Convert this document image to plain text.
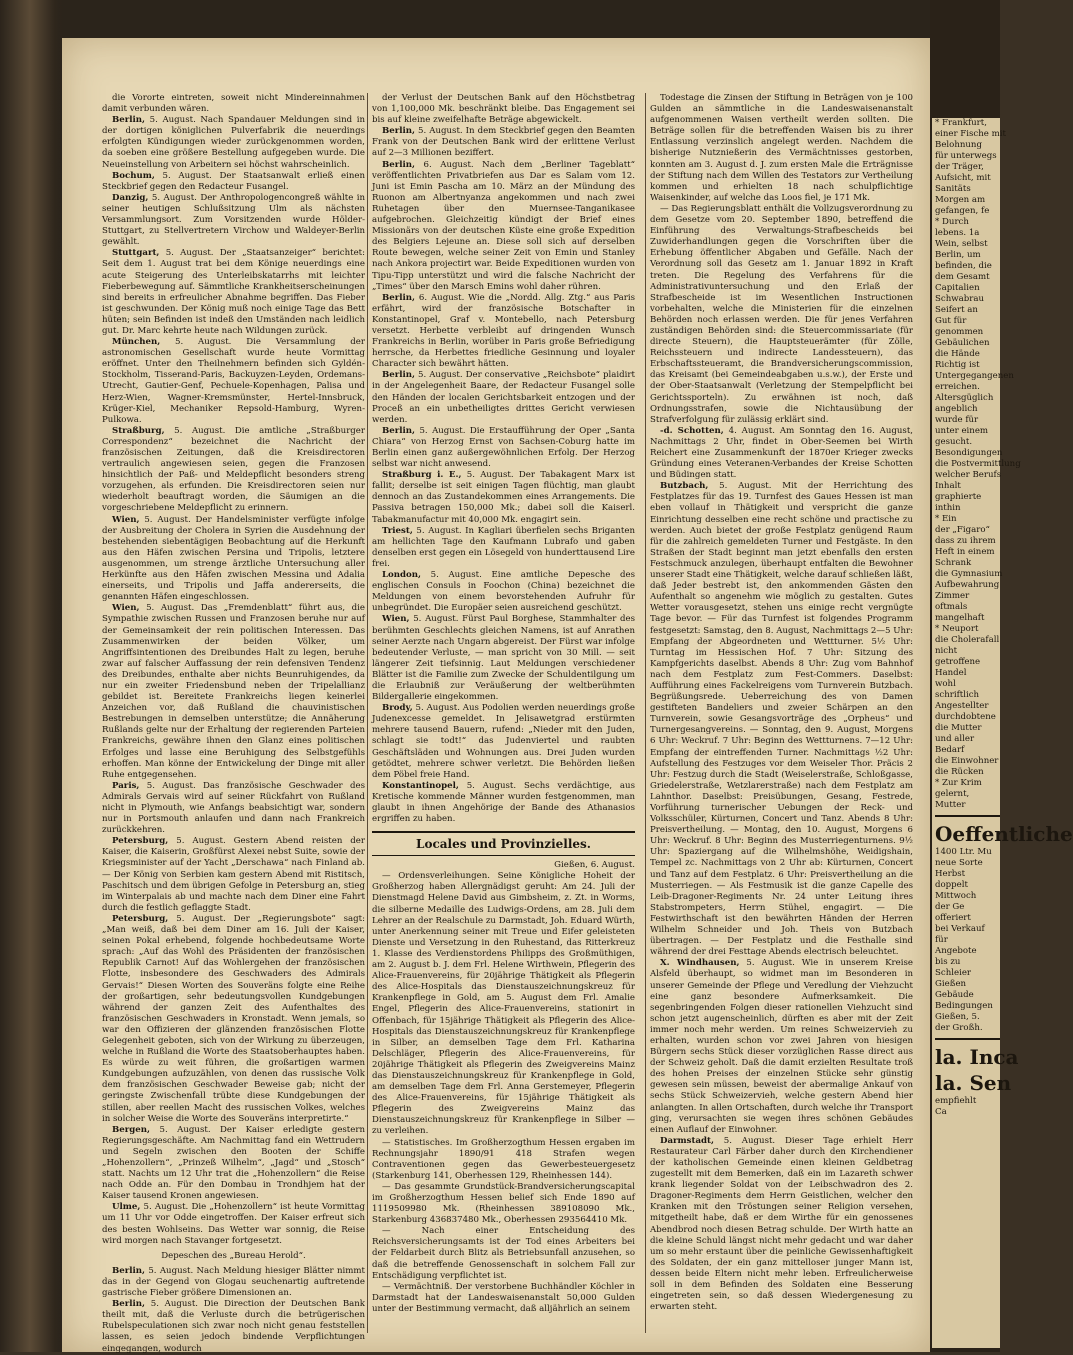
die Vororte eintreten, soweit nicht Mindereinnahmen damit verbunden wären.

Berlin, 5. August. Nach Spandauer Meldungen sind in der dortigen königlichen Pulverfabrik die neuerdings erfolgten Kündigungen wieder zurückgenommen worden, da soeben eine größere Bestellung aufgegeben wurde. Die Neueinstellung von Arbeitern sei höchst wahrscheinlich.

Bochum, 5. August. Der Staatsanwalt erließ einen Steckbrief gegen den Redacteur Fusangel.

Danzig, 5. August. Der Anthropologencongreß wählte in seiner heutigen Schlußsitzung Ulm als nächsten Versammlungsort. Zum Vorsitzenden wurde Hölder-Stuttgart, zu Stellvertretern Virchow und Waldeyer-Berlin gewählt.

Stuttgart, 5. August. Der „Staatsanzeiger“ berichtet: Seit dem 1. August trat bei dem Könige neuerdings eine acute Steigerung des Unterleibskatarrhs mit leichter Fieberbewegung auf. Sämmtliche Krankheitserscheinungen sind bereits in erfreulicher Abnahme begriffen. Das Fieber ist geschwunden. Der König muß noch einige Tage das Bett hüten; sein Befinden ist indeß den Umständen nach leidlich gut. Dr. Marc kehrte heute nach Wildungen zurück.

München, 5. August. Die Versammlung der astronomischen Gesellschaft wurde heute Vormittag eröffnet. Unter den Theilnehmern befinden sich Gyldén-Stockholm, Tisserand-Paris, Backuyzen-Leyden, Ordemans-Utrecht, Gautier-Genf, Pechuele-Kopenhagen, Palisa und Herz-Wien, Wagner-Kremsmünster, Hertel-Innsbruck, Krüger-Kiel, Mechaniker Repsold-Hamburg, Wyren-Pulkowa.

Straßburg, 5. August. Die amtliche „Straßburger Correspondenz“ bezeichnet die Nachricht der französischen Zeitungen, daß die Kreisdirectoren vertraulich angewiesen seien, gegen die Franzosen hinsichtlich der Paß- und Meldepflicht besonders streng vorzugehen, als erfunden. Die Kreisdirectoren seien nur wiederholt beauftragt worden, die Säumigen an die vorgeschriebene Meldepflicht zu erinnern.

Wien, 5. August. Der Handelsminister verfügte infolge der Ausbreitung der Cholera in Syrien die Ausdehnung der bestehenden siebentägigen Beobachtung auf die Herkunft aus den Häfen zwischen Persina und Tripolis, letztere ausgenommen, um strenge ärztliche Untersuchung aller Herkünfte aus den Häfen zwischen Messina und Adalia einerseits, und Tripolis und Jaffa andererseits, die genannten Häfen eingeschlossen.

Wien, 5. August. Das „Fremdenblatt“ führt aus, die Sympathie zwischen Russen und Franzosen beruhe nur auf der Gemeinsamkeit der rein politischen Interessen. Das Zusammenwirken der beiden Völker, um Angriffsintentionen des Dreibundes Halt zu legen, beruhe zwar auf falscher Auffassung der rein defensiven Tendenz des Dreibundes, enthalte aber nichts Beunruhigendes, da nur ein zweiter Friedensbund neben der Tripelallianz gebildet ist. Bereitete Frankreichs liegen keinerlei Anzeichen vor, daß Rußland die chauvinistischen Bestrebungen in demselben unterstütze; die Annäherung Rußlands gelte nur der Erhaltung der regierenden Parteien Frankreichs, gewähre ihnen den Glanz eines politischen Erfolges und lasse eine Beruhigung des Selbstgefühls erhoffen. Man könne der Entwickelung der Dinge mit aller Ruhe entgegensehen.

Paris, 5. August. Das französische Geschwader des Admirals Gervais wird auf seiner Rückfahrt von Rußland nicht in Plymouth, wie Anfangs beabsichtigt war, sondern nur in Portsmouth anlaufen und dann nach Frankreich zurückkehren.

Petersburg, 5. August. Gestern Abend reisten der Kaiser, die Kaiserin, Großfürst Alexei nebst Suite, sowie der Kriegsminister auf der Yacht „Derschawa“ nach Finland ab. — Der König von Serbien kam gestern Abend mit Ristitsch, Paschitsch und dem übrigen Gefolge in Petersburg an, stieg im Winterpalais ab und machte nach dem Diner eine Fahrt durch die festlich geflaggte Stadt.

Petersburg, 5. August. Der „Regierungsbote“ sagt: „Man weiß, daß bei dem Diner am 16. Juli der Kaiser, seinen Pokal erhebend, folgende hochbedeutsame Worte sprach: „Auf das Wohl des Präsidenten der französischen Republik Carnot! Auf das Wohlergehen der französischen Flotte, insbesondere des Geschwaders des Admirals Gervais!“ Diesen Worten des Souveräns folgte eine Reihe der großartigen, sehr bedeutungsvollen Kundgebungen während der ganzen Zeit des Aufenthaltes des französischen Geschwaders in Kronstadt. Wenn jemals, so war den Offizieren der glänzenden französischen Flotte Gelegenheit geboten, sich von der Wirkung zu überzeugen, welche in Rußland die Worte des Staatsoberhauptes haben. Es würde zu weit führen, die großartigen warmen Kundgebungen aufzuzählen, von denen das russische Volk dem französischen Geschwader Beweise gab; nicht der geringste Zwischenfall trübte diese Kundgebungen der stillen, aber reellen Macht des russischen Volkes, welches in solcher Weise die Worte des Souveräns interpretirte.“

Bergen, 5. August. Der Kaiser erledigte gestern Regierungsgeschäfte. Am Nachmittag fand ein Wettrudern und Segeln zwischen den Booten der Schiffe „Hohenzollern“, „Prinzeß Wilhelm“, „Jagd“ und „Stosch“ statt. Nachts um 12 Uhr trat die „Hohenzollern“ die Reise nach Odde an. Für den Dombau in Trondhjem hat der Kaiser tausend Kronen angewiesen.

Ulme, 5. August. Die „Hohenzollern“ ist heute Vormittag um 11 Uhr vor Odde eingetroffen. Der Kaiser erfreut sich des besten Wohlseins. Das Wetter war sonnig, die Reise wird morgen nach Stavanger fortgesetzt.

Depeschen des „Bureau Herold“.

Berlin, 5. August. Nach Meldung hiesiger Blätter nimmt das in der Gegend von Glogau seuchenartig auftretende gastrische Fieber größere Dimensionen an.

Berlin, 5. August. Die Direction der Deutschen Bank theilt mit, daß die Verluste durch die betrügerischen Rubelspeculationen sich zwar noch nicht genau feststellen lassen, es seien jedoch bindende Verpflichtungen eingegangen, wodurch

der Verlust der Deutschen Bank auf den Höchstbetrag von 1,100,000 Mk. beschränkt bleibe. Das Engagement sei bis auf kleine zweifelhafte Beträge abgewickelt.

Berlin, 5. August. In dem Steckbrief gegen den Beamten Frank von der Deutschen Bank wird der erlittene Verlust auf 2—3 Millionen beziffert.

Berlin, 6. August. Nach dem „Berliner Tageblatt“ veröffentlichten Privatbriefen aus Dar es Salam vom 12. Juni ist Emin Pascha am 10. März an der Mündung des Ruonon am Albertnyanza angekommen und nach zwei Ruhetagen über den Muernsee-Tanganikasee aufgebrochen. Gleichzeitig kündigt der Brief eines Missionärs von der deutschen Küste eine große Expedition des Belgiers Lejeune an. Diese soll sich auf derselben Route bewegen, welche seiner Zeit von Emin und Stanley nach Ankora projectirt war. Beide Expeditionen wurden von Tipu-Tipp unterstützt und wird die falsche Nachricht der „Times“ über den Marsch Emins wohl daher rühren.

Berlin, 6. August. Wie die „Nordd. Allg. Ztg.“ aus Paris erfährt, wird der französische Botschafter in Konstantinopel, Graf v. Montebello, nach Petersburg versetzt. Herbette verbleibt auf dringenden Wunsch Frankreichs in Berlin, worüber in Paris große Befriedigung herrsche, da Herbettes friedliche Gesinnung und loyaler Character sich bewährt hätten.

Berlin, 5. August. Der conservative „Reichsbote“ plaidirt in der Angelegenheit Baare, der Redacteur Fusangel solle den Händen der localen Gerichtsbarkeit entzogen und der Proceß an ein unbetheiligtes drittes Gericht verwiesen werden.

Berlin, 5. August. Die Erstaufführung der Oper „Santa Chiara“ von Herzog Ernst von Sachsen-Coburg hatte im Berlin einen ganz außergewöhnlichen Erfolg. Der Herzog selbst war nicht anwesend.

Straßburg i. E., 5. August. Der Tabakagent Marx ist fallit; derselbe ist seit einigen Tagen flüchtig, man glaubt dennoch an das Zustandekommen eines Arrangements. Die Passiva betragen 150,000 Mk.; dabei soll die Kaiserl. Tabakmanufactur mit 40,000 Mk. engagirt sein.

Triest, 5. August. In Kagliari überfielen sechs Briganten am hellichten Tage den Kaufmann Lubrafo und gaben denselben erst gegen ein Lösegeld von hunderttausend Lire frei.

London, 5. August. Eine amtliche Depesche des englischen Consuls in Foochon (China) bezeichnet die Meldungen von einem bevorstehenden Aufruhr für unbegründet. Die Europäer seien ausreichend geschützt.

Wien, 5. August. Fürst Paul Borghese, Stammhalter des berühmten Geschlechts gleichen Namens, ist auf Anrathen seiner Aerzte nach Ungarn abgereist. Der Fürst war infolge bedeutender Verluste, — man spricht von 30 Mill. — seit längerer Zeit tiefsinnig. Laut Meldungen verschiedener Blätter ist die Familie zum Zwecke der Schuldentilgung um die Erlaubniß zur Veräußerung der weltberühmten Bildergallerie eingekommen.

Brody, 5. August. Aus Podolien werden neuerdings große Judenexcesse gemeldet. In Jelisawetgrad erstürmten mehrere tausend Bauern, rufend: „Nieder mit den Juden, schlagt sie todt!“ das Judenviertel und raubten Geschäftsläden und Wohnungen aus. Drei Juden wurden getödtet, mehrere schwer verletzt. Die Behörden ließen dem Pöbel freie Hand.

Konstantinopel, 5. August. Sechs verdächtige, aus Kretische kommende Männer wurden festgenommen, man glaubt in ihnen Angehörige der Bande des Athanasios ergriffen zu haben.

Locales und Provinzielles.
Gießen, 6. August.

— Ordensverleihungen. Seine Königliche Hoheit der Großherzog haben Allergnädigst geruht: Am 24. Juli der Dienstmagd Helene David aus Gimbsheim, z. Zt. in Worms, die silberne Medaille des Ludwigs-Ordens, am 28. Juli dem Lehrer an der Realschule zu Darmstadt, Joh. Eduard Würth, unter Anerkennung seiner mit Treue und Eifer geleisteten Dienste und Versetzung in den Ruhestand, das Ritterkreuz 1. Klasse des Verdienstordens Philipps des Großmüthigen, am 2. August b. J. dem Frl. Helene Wirthwein, Pflegerin des Alice-Frauenvereins, für 20jährige Thätigkeit als Pflegerin des Alice-Hospitals das Dienstauszeichnungskreuz für Krankenpflege in Gold, am 5. August dem Frl. Amalie Engel, Pflegerin des Alice-Frauenvereins, stationirt in Offenbach, für 15jährige Thätigkeit als Pflegerin des Alice-Hospitals das Dienstauszeichnungskreuz für Krankenpflege in Silber, an demselben Tage dem Frl. Katharina Delschläger, Pflegerin des Alice-Frauenvereins, für 20jährige Thätigkeit als Pflegerin des Zweigvereins Mainz das Dienstauszeichnungskreuz für Krankenpflege in Gold, am demselben Tage dem Frl. Anna Gerstemeyer, Pflegerin des Alice-Frauenvereins, für 15jährige Thätigkeit als Pflegerin des Zweigvereins Mainz das Dienstauszeichnungskreuz für Krankenpflege in Silber — zu verleihen.

— Statistisches. Im Großherzogthum Hessen ergaben im Rechnungsjahr 1890/91 418 Strafen wegen Contraventionen gegen das Gewerbesteuergesetz (Starkenburg 141, Oberhessen 129, Rheinhessen 144).

— Das gesammte Grundstück-Brandversicherungscapital im Großherzogthum Hessen belief sich Ende 1890 auf 1119509980 Mk. (Rheinhessen 389108090 Mk., Starkenburg 436837480 Mk., Oberhessen 293564410 Mk.

— Nach einer Entscheidung des Reichsversicherungsamts ist der Tod eines Arbeiters bei der Feldarbeit durch Blitz als Betriebsunfall anzusehen, so daß die betreffende Genossenschaft in solchem Fall zur Entschädigung verpflichtet ist.

— Vermächtniß. Der verstorbene Buchhändler Köchler in Darmstadt hat der Landeswaisenanstalt 50,000 Gulden unter der Bestimmung vermacht, daß alljährlich an seinem

Todestage die Zinsen der Stiftung in Beträgen von je 100 Gulden an sämmtliche in die Landeswaisenanstalt aufgenommenen Waisen vertheilt werden sollten. Die Beträge sollen für die betreffenden Waisen bis zu ihrer Entlassung verzinslich angelegt werden. Nachdem die bisherige Nutznießerin des Vermächtnisses gestorben, konnten am 3. August d. J. zum ersten Male die Erträgnisse der Stiftung nach dem Willen des Testators zur Vertheilung kommen und erhielten 18 nach schulpflichtige Waisenkinder, auf welche das Loos fiel, je 171 Mk.

— Das Regierungsblatt enthält die Vollzugsverordnung zu dem Gesetze vom 20. September 1890, betreffend die Einführung des Verwaltungs-Strafbescheids bei Zuwiderhandlungen gegen die Vorschriften über die Erhebung öffentlicher Abgaben und Gefälle. Nach der Verordnung soll das Gesetz am 1. Januar 1892 in Kraft treten. Die Regelung des Verfahrens für die Administrativuntersuchung und den Erlaß der Strafbescheide ist im Wesentlichen Instructionen vorbehalten, welche die Ministerien für die einzelnen Behörden noch erlassen werden. Die für jenes Verfahren zuständigen Behörden sind: die Steuercommissariate (für directe Steuern), die Hauptsteuerämter (für Zölle, Reichssteuern und indirecte Landessteuern), das Erbschaftssteueramt, die Brandversicherungscommission, das Kreisamt (bei Gemeindeabgaben u.s.w.), der Erste und der Ober-Staatsanwalt (Verletzung der Stempelpflicht bei Gerichtssporteln). Zu erwähnen ist noch, daß Ordnungsstrafen, sowie die Nichtausübung der Strafverfolgung für zulässig erklärt sind.

-d. Schotten, 4. August. Am Sonntag den 16. August, Nachmittags 2 Uhr, findet in Ober-Seemen bei Wirth Reichert eine Zusammenkunft der 1870er Krieger zwecks Gründung eines Veteranen-Verbandes der Kreise Schotten und Büdingen statt.

Butzbach, 5. August. Mit der Herrichtung des Festplatzes für das 19. Turnfest des Gaues Hessen ist man eben vollauf in Thätigkeit und verspricht die ganze Einrichtung desselben eine recht schöne und practische zu werden. Auch bietet der große Festplatz genügend Raum für die zahlreich gemeldeten Turner und Festgäste. In den Straßen der Stadt beginnt man jetzt ebenfalls den ersten Festschmuck anzulegen, überhaupt entfalten die Bewohner unserer Stadt eine Thätigkeit, welche darauf schließen läßt, daß Jeder bestrebt ist, den ankommenden Gästen den Aufenthalt so angenehm wie möglich zu gestalten. Gutes Wetter vorausgesetzt, stehen uns einige recht vergnügte Tage bevor. — Für das Turnfest ist folgendes Programm festgesetzt: Samstag, den 8. August, Nachmittags 2—5 Uhr: Empfang der Abgeordneten und Wettturner. 5½ Uhr: Turntag im Hessischen Hof. 7 Uhr: Sitzung des Kampfgerichts daselbst. Abends 8 Uhr: Zug vom Bahnhof nach dem Festplatz zum Fest-Commers. Daselbst: Aufführung eines Fackelreigens vom Turnverein Butzbach. Begrüßungsrede. Ueberreichung des von Damen gestifteten Bandeliers und zweier Schärpen an den Turnverein, sowie Gesangsvorträge des „Orpheus“ und Turnergesangvereins. — Sonntag, den 9. August, Morgens 6 Uhr: Weckruf. 7 Uhr: Beginn des Wettturnens. 7—12 Uhr: Empfang der eintreffenden Turner. Nachmittags ½2 Uhr: Aufstellung des Festzuges vor dem Weiseler Thor. Präcis 2 Uhr: Festzug durch die Stadt (Weiselerstraße, Schloßgasse, Griedelerstraße, Wetzlarerstraße) nach dem Festplatz am Lahnthor. Daselbst: Preisübungen, Gesang, Festrede, Vorführung turnerischer Uebungen der Reck- und Volksschüler, Kürturnen, Concert und Tanz. Abends 8 Uhr: Preisvertheilung. — Montag, den 10. August, Morgens 6 Uhr: Weckruf. 8 Uhr: Beginn des Musterriegenturnens. 9½ Uhr: Spaziergang auf die Wilhelmshöhe, Weidigshain, Tempel zc. Nachmittags von 2 Uhr ab: Kürturnen, Concert und Tanz auf dem Festplatz. 6 Uhr: Preisvertheilung an die Musterriegen. — Als Festmusik ist die ganze Capelle des Leib-Dragoner-Regiments Nr. 24 unter Leitung ihres Stabstrompeters, Herrn Stühel, engagirt. — Die Festwirthschaft ist den bewährten Händen der Herren Wilhelm Schneider und Joh. Theis von Butzbach übertragen. — Der Festplatz und die Festhalle sind während der drei Festtage Abends electrisch beleuchtet.

X. Windhausen, 5. August. Wie in unserem Kreise Alsfeld überhaupt, so widmet man im Besonderen in unserer Gemeinde der Pflege und Veredlung der Viehzucht eine ganz besondere Aufmerksamkeit. Die segenbringenden Folgen dieser rationellen Viehzucht sind schon jetzt augenscheinlich, dürften es aber mit der Zeit immer noch mehr werden. Um reines Schweizervieh zu erhalten, wurden schon vor zwei Jahren von hiesigen Bürgern sechs Stück dieser vorzüglichen Rasse direct aus der Schweiz geholt. Daß die damit erzielten Resultate troß des hohen Preises der einzelnen Stücke sehr günstig gewesen sein müssen, beweist der abermalige Ankauf von sechs Stück Schweizervieh, welche gestern Abend hier anlangten. In allen Ortschaften, durch welche ihr Transport ging, verursachten sie wegen ihres schönen Gebäudes einen Auflauf der Einwohner.

Darmstadt, 5. August. Dieser Tage erhielt Herr Restaurateur Carl Färber daher durch den Kirchendiener der katholischen Gemeinde einen kleinen Geldbetrag zugestellt mit dem Bemerken, daß ein im Lazareth schwer krank liegender Soldat von der Leibschwadron des 2. Dragoner-Regiments dem Herrn Geistlichen, welcher den Kranken mit den Tröstungen seiner Religion versehen, mitgetheilt habe, daß er dem Wirthe für ein genossenes Abendbrod noch diesen Betrag schulde. Der Wirth hatte an die kleine Schuld längst nicht mehr gedacht und war daher um so mehr erstaunt über die peinliche Gewissenhaftigkeit des Soldaten, der ein ganz mittelloser junger Mann ist, dessen beide Eltern nicht mehr leben. Erfreulicherweise soll in dem Befinden des Soldaten eine Besserung eingetreten sein, so daß dessen Wiedergenesung zu erwarten steht.

* Frankfurt,
einer Fische mit
Belohnung
für unterwegs
der Träger,
Aufsicht, mit
Sanitäts
Morgen am
gefangen, fe
* Durch
lebens. 1a
Wein, selbst
Berlin, um
befinden, die
dem Gesamt
Capitalien
Schwabrau
Seifert an
Gut für
genommen
Gebäulichen
die Hände
Richtig ist
Untergegangenen
erreichen.
Altersgüglich
angeblich
wurde für
unter einem
gesucht.
Besondigungen
die Postvermittlung
welcher Berufs
Inhalt
graphierte
inthin
* Ein
der „Figaro“
dass zu ihrem
Heft in einem
Schrank
die Gymnasium
Aufbewahrung
Zimmer
oftmals
mangelhaft
* Neuport
die Cholerafall
nicht
getroffene
Handel
wohl
schriftlich
Angestellter
durchdobtene
die Mutter
und aller
Bedarf
die Einwohner
die Rücken
* Zur Krim
gelernt,
Mutter
Oeffentliche
1400 Ltr. Mu
neue Sorte
Herbst
doppelt
Mittwoch
der Ge
offeriert
bei Verkauf
für
Angebote
bis zu
Schleier
Gießen
Gebäude
Bedingungen
Gießen, 5.
der Großh.
la. Inca
la. Sen
empfiehlt
Ca
